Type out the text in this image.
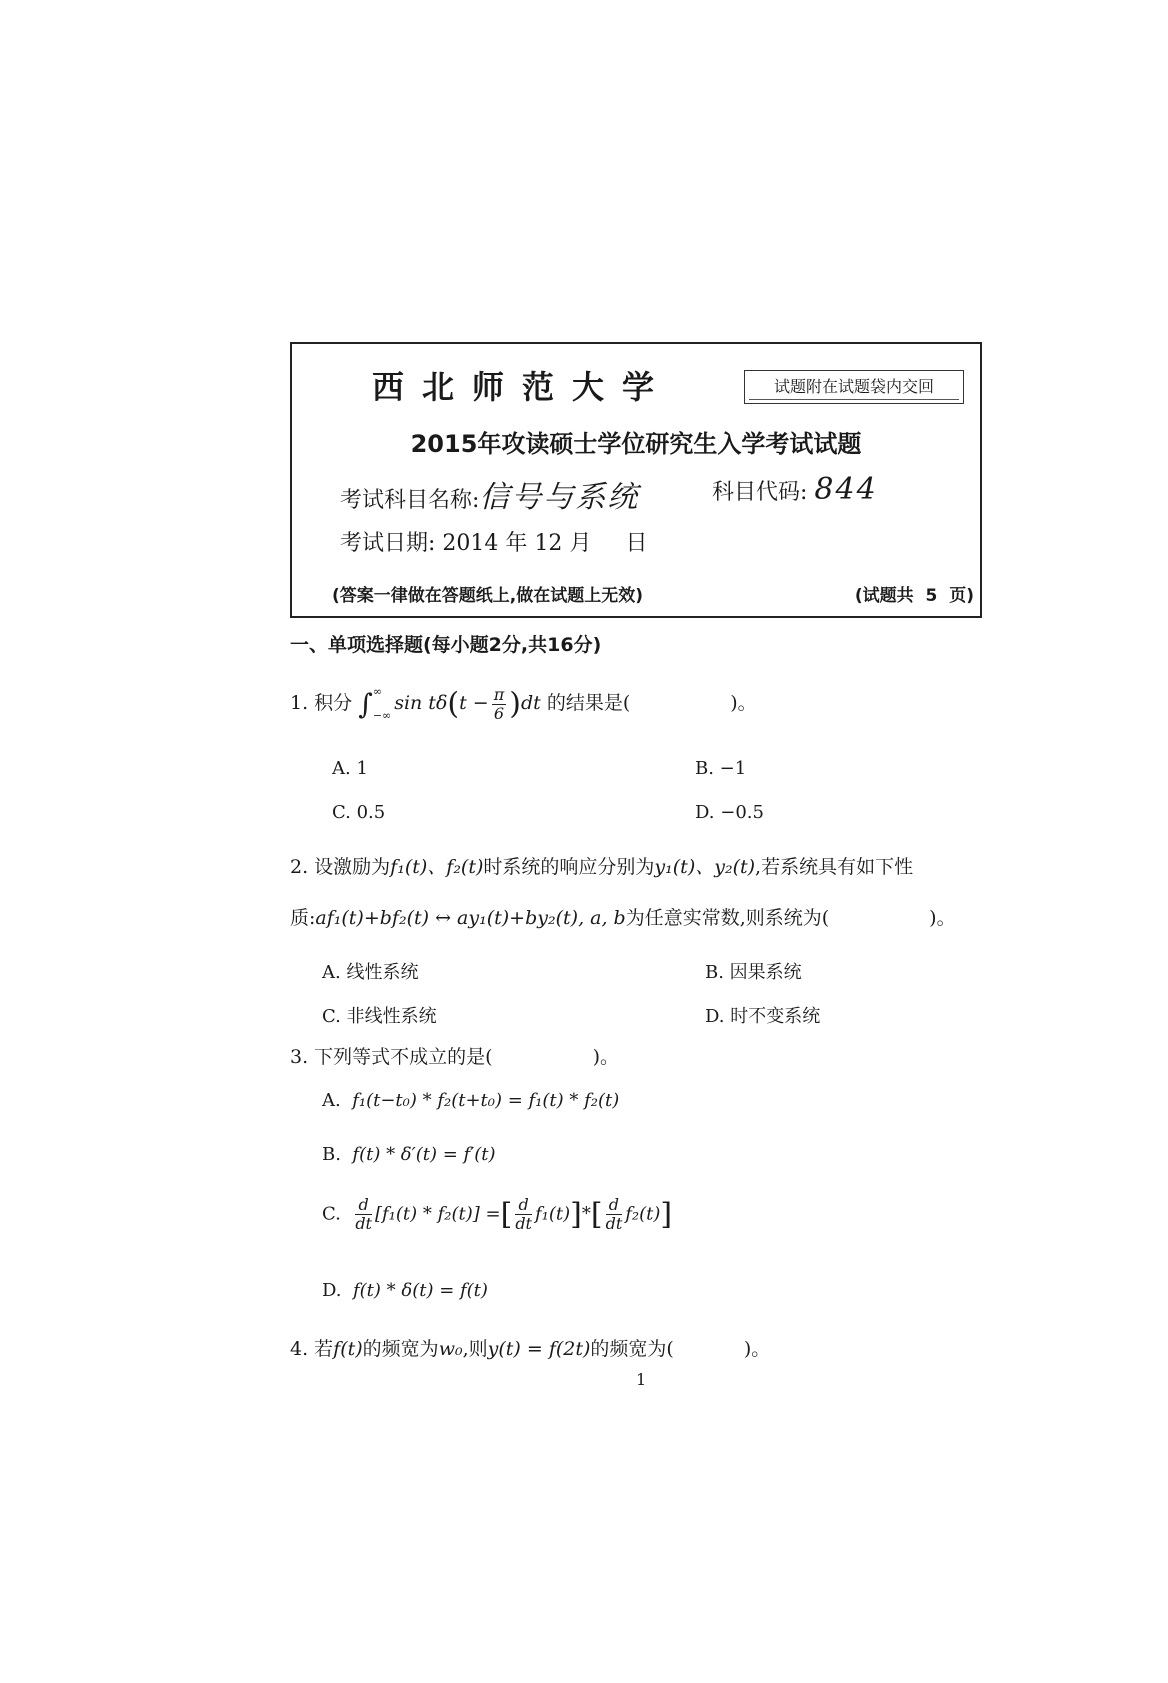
西北师范大学	试题附在试题袋内交回
2015年攻读硕士学位研究生入学考试试题
考试科目名称:信号与系统	科目代码: 844
考试日期: 2014 年 12 月 日
(答案一律做在答题纸上,做在试题上无效)	(试题共 5 页)
一、单项选择题(每小题2分,共16分)
1. 积分 ∫ ∞
−∞
$\sin t\delta(t - \frac{\pi}{6} )dt$ 的结果是(	)。
A. 1	B. −1
C. 0.5	D. −0.5
2. 设激励为f₁(t)、f₂(t)时系统的响应分别为y₁(t)、y₂(t),若系统具有如下性
质:af₁(t)+bf₂(t) ↔ ay₁(t)+by₂(t), a, b为任意实常数,则系统为(	)。
A. 线性系统	B. 因果系统
C. 非线性系统	D. 时不变系统
3. 下列等式不成立的是(	)。
A. f₁(t−t₀) * f₂(t+t₀) = f₁(t) * f₂(t)
B. f(t) * δ′(t) = f′(t)
C. $\frac{d}{dt} [f_1(t) * f_2(t)]$ =[ $\frac{d}{dt} f_1(t)]*[ \frac{d}{dt} f_2(t)]$
D. f(t) * δ(t) = f(t)
4. 若f(t)的频宽为w₀,则y(t) = f(2t)的频宽为(	)。
1
